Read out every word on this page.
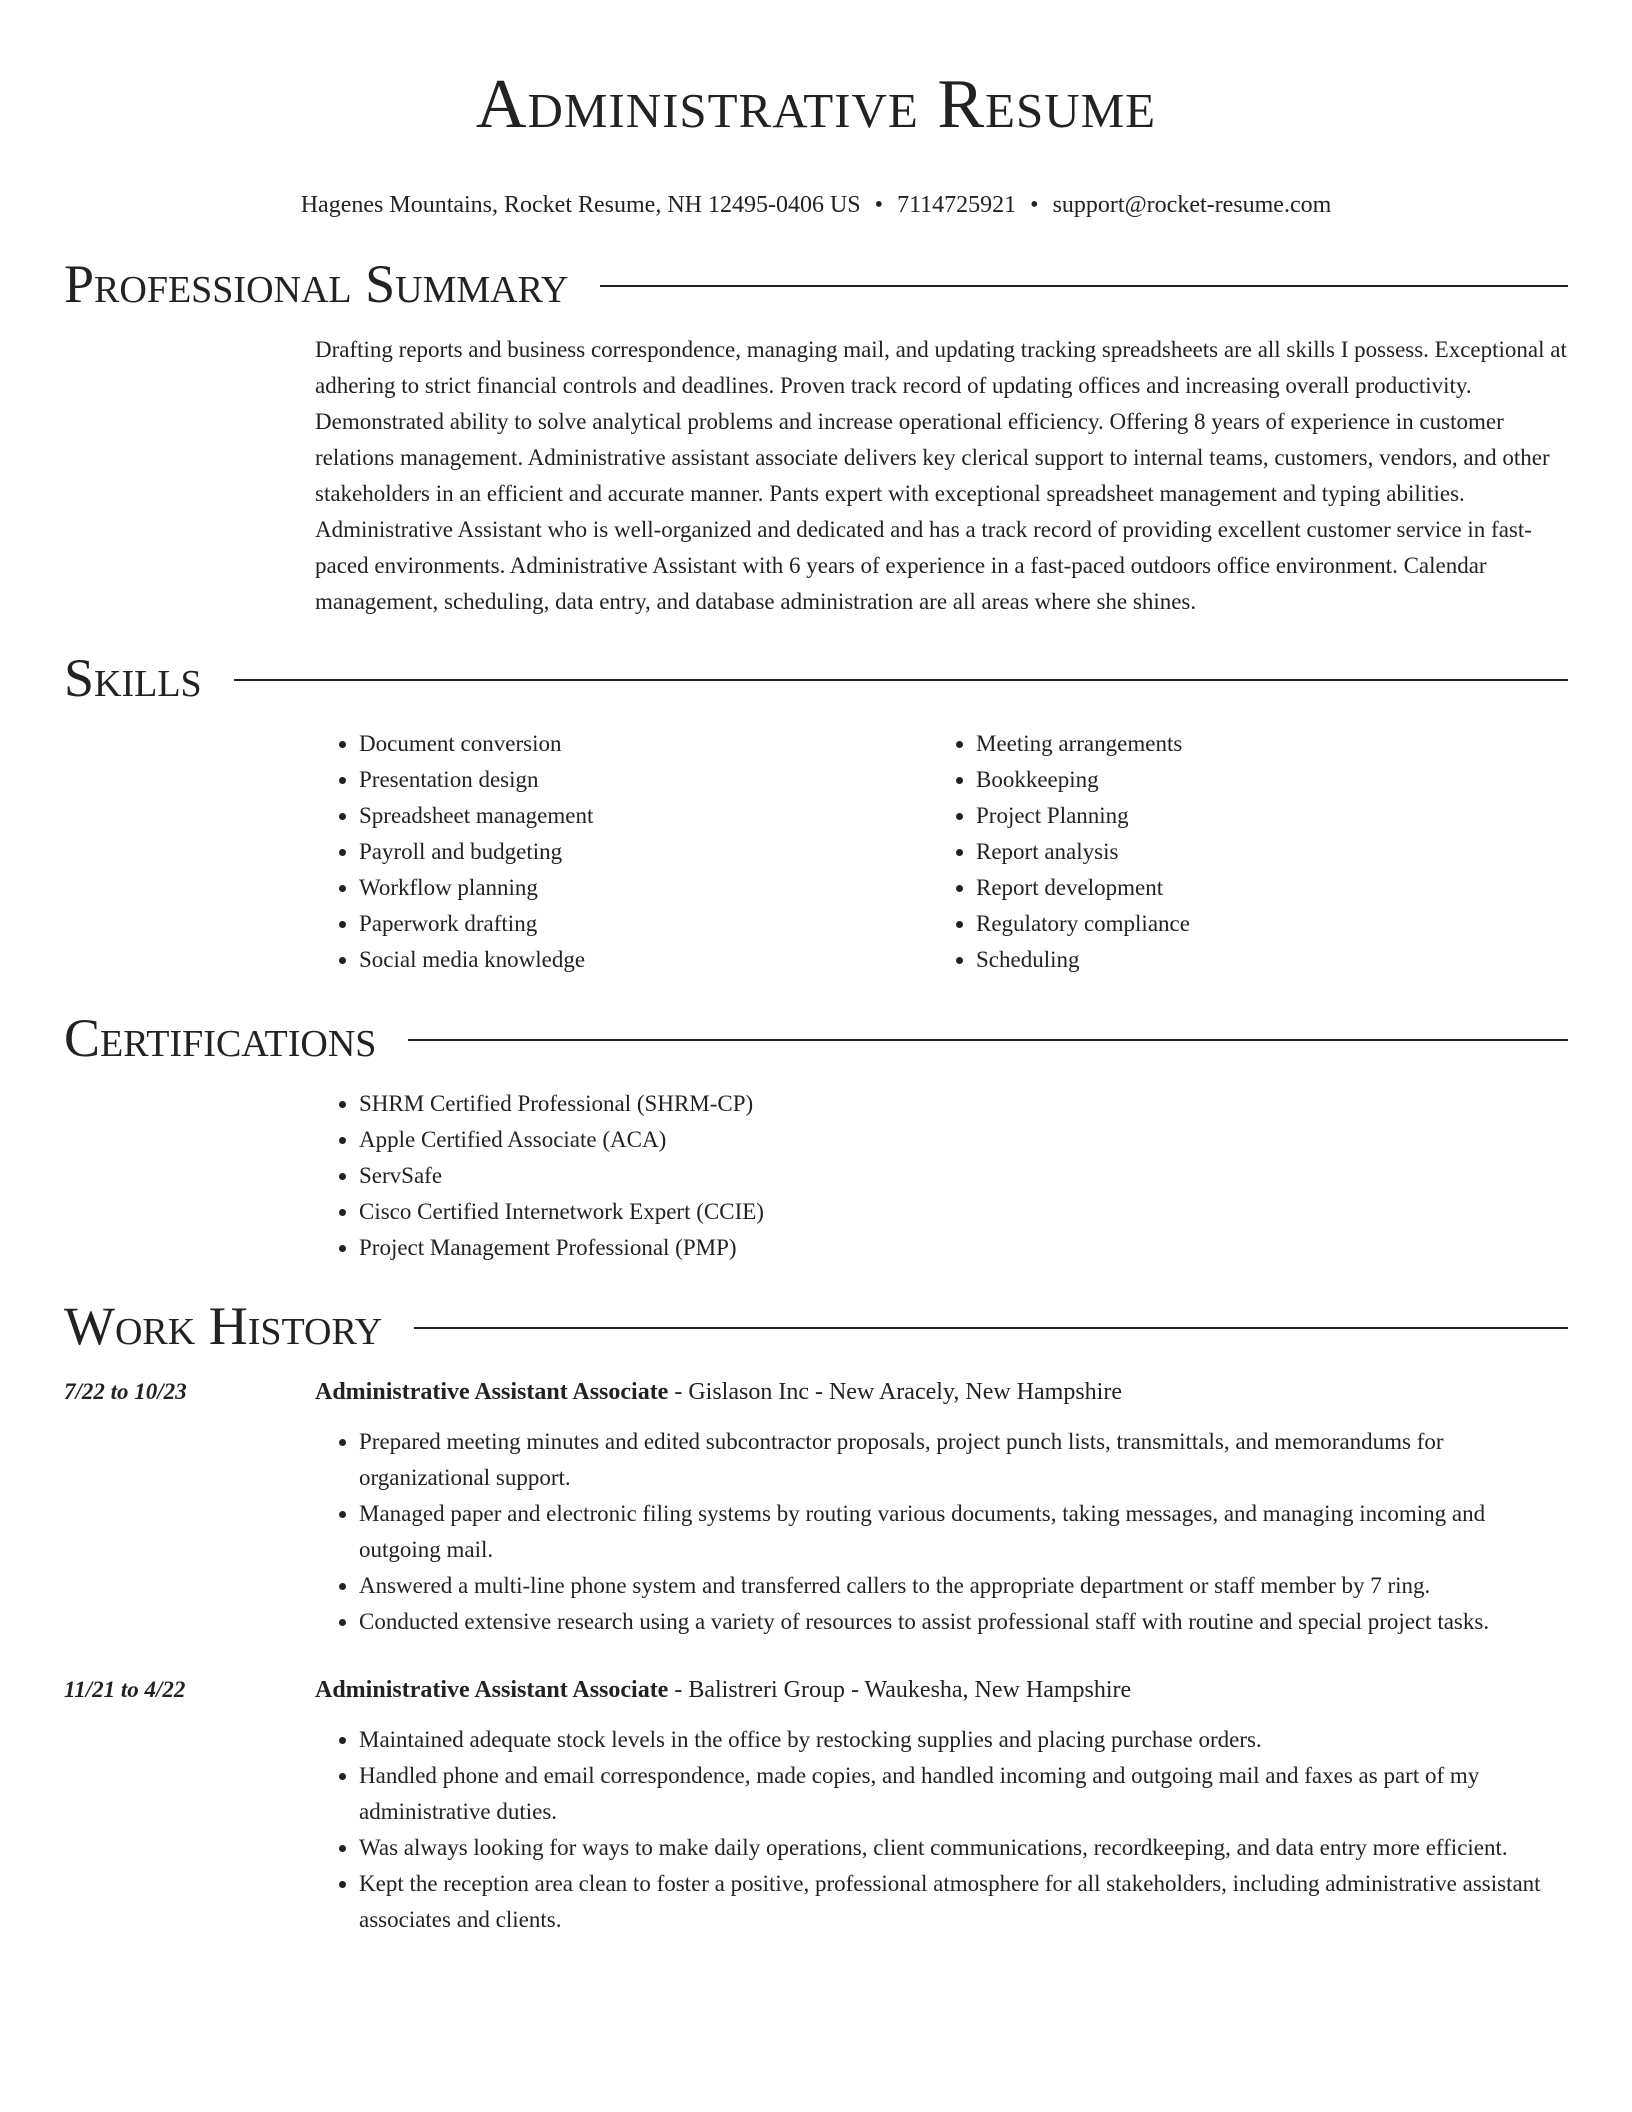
Administrative Resume
Hagenes Mountains, Rocket Resume, NH 12495-0406 US • 7114725921 • support@rocket-resume.com
Professional Summary

Drafting reports and business correspondence, managing mail, and updating tracking spreadsheets are all skills I possess. Exceptional at adhering to strict financial controls and deadlines. Proven track record of updating offices and increasing overall productivity. Demonstrated ability to solve analytical problems and increase operational efficiency. Offering 8 years of experience in customer relations management. Administrative assistant associate delivers key clerical support to internal teams, customers, vendors, and other stakeholders in an efficient and accurate manner. Pants expert with exceptional spreadsheet management and typing abilities. Administrative Assistant who is well-organized and dedicated and has a track record of providing excellent customer service in fast-paced environments. Administrative Assistant with 6 years of experience in a fast-paced outdoors office environment. Calendar management, scheduling, data entry, and database administration are all areas where she shines.

Skills
• Document conversion
• Presentation design
• Spreadsheet management
• Payroll and budgeting
• Workflow planning
• Paperwork drafting
• Social media knowledge
• Meeting arrangements
• Bookkeeping
• Project Planning
• Report analysis
• Report development
• Regulatory compliance
• Scheduling
Certifications
• SHRM Certified Professional (SHRM-CP)
• Apple Certified Associate (ACA)
• ServSafe
• Cisco Certified Internetwork Expert (CCIE)
• Project Management Professional (PMP)
Work History
7/22 to 10/23	Administrative Assistant Associate - Gislason Inc - New Aracely, New Hampshire
• Prepared meeting minutes and edited subcontractor proposals, project punch lists, transmittals, and memorandums for organizational support.
• Managed paper and electronic filing systems by routing various documents, taking messages, and managing incoming and outgoing mail.
• Answered a multi-line phone system and transferred callers to the appropriate department or staff member by 7 ring.
• Conducted extensive research using a variety of resources to assist professional staff with routine and special project tasks.
11/21 to 4/22	Administrative Assistant Associate - Balistreri Group - Waukesha, New Hampshire
• Maintained adequate stock levels in the office by restocking supplies and placing purchase orders.
• Handled phone and email correspondence, made copies, and handled incoming and outgoing mail and faxes as part of my administrative duties.
• Was always looking for ways to make daily operations, client communications, recordkeeping, and data entry more efficient.
• Kept the reception area clean to foster a positive, professional atmosphere for all stakeholders, including administrative assistant associates and clients.
